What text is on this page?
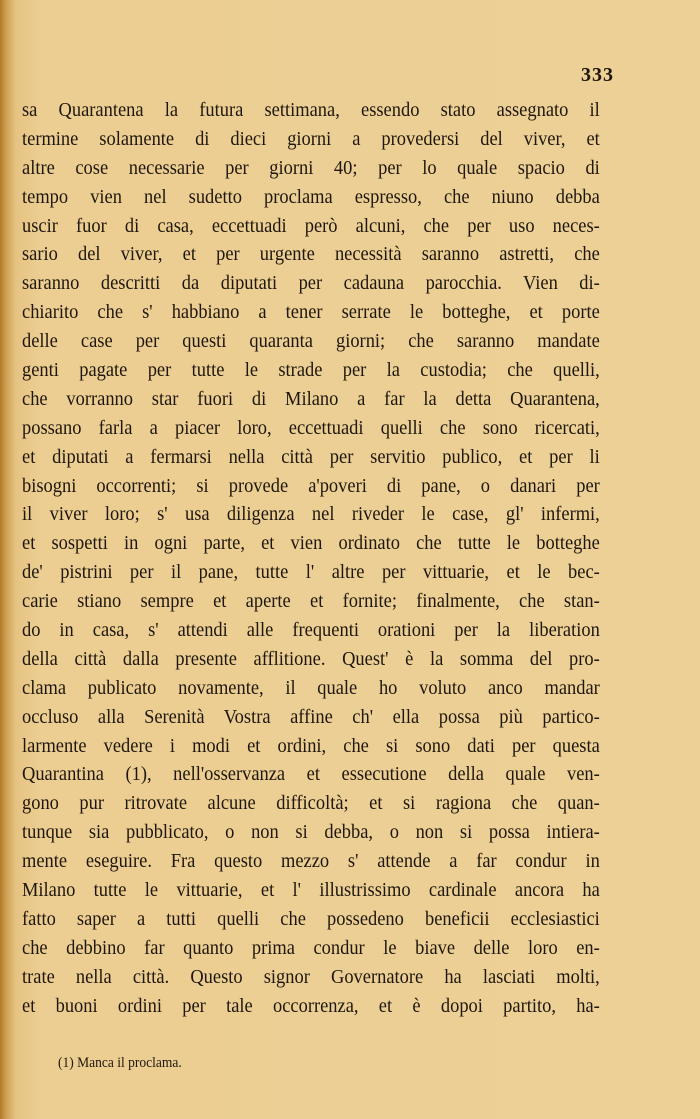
333
sa Quarantena la futura settimana, essendo stato assegnato il
termine solamente di dieci giorni a provedersi del viver, et
altre cose necessarie per giorni 40; per lo quale spacio di
tempo vien nel sudetto proclama espresso, che niuno debba
uscir fuor di casa, eccettuadi però alcuni, che per uso neces-
sario del viver, et per urgente necessità saranno astretti, che
saranno descritti da diputati per cadauna parocchia. Vien di-
chiarito che s' habbiano a tener serrate le botteghe, et porte
delle case per questi quaranta giorni; che saranno mandate
genti pagate per tutte le strade per la custodia; che quelli,
che vorranno star fuori di Milano a far la detta Quarantena,
possano farla a piacer loro, eccettuadi quelli che sono ricercati,
et diputati a fermarsi nella città per servitio publico, et per li
bisogni occorrenti; si provede a'poveri di pane, o danari per
il viver loro; s' usa diligenza nel riveder le case, gl' infermi,
et sospetti in ogni parte, et vien ordinato che tutte le botteghe
de' pistrini per il pane, tutte l' altre per vittuarie, et le bec-
carie stiano sempre et aperte et fornite; finalmente, che stan-
do in casa, s' attendi alle frequenti orationi per la liberation
della città dalla presente afflitione. Quest' è la somma del pro-
clama publicato novamente, il quale ho voluto anco mandar
occluso alla Serenità Vostra affine ch' ella possa più partico-
larmente vedere i modi et ordini, che si sono dati per questa
Quarantina (1), nell'osservanza et essecutione della quale ven-
gono pur ritrovate alcune difficoltà; et si ragiona che quan-
tunque sia pubblicato, o non si debba, o non si possa intiera-
mente eseguire. Fra questo mezzo s' attende a far condur in
Milano tutte le vittuarie, et l' illustrissimo cardinale ancora ha
fatto saper a tutti quelli che possedeno beneficii ecclesiastici
che debbino far quanto prima condur le biave delle loro en-
trate nella città. Questo signor Governatore ha lasciati molti,
et buoni ordini per tale occorrenza, et è dopoi partito, ha-
(1) Manca il proclama.
